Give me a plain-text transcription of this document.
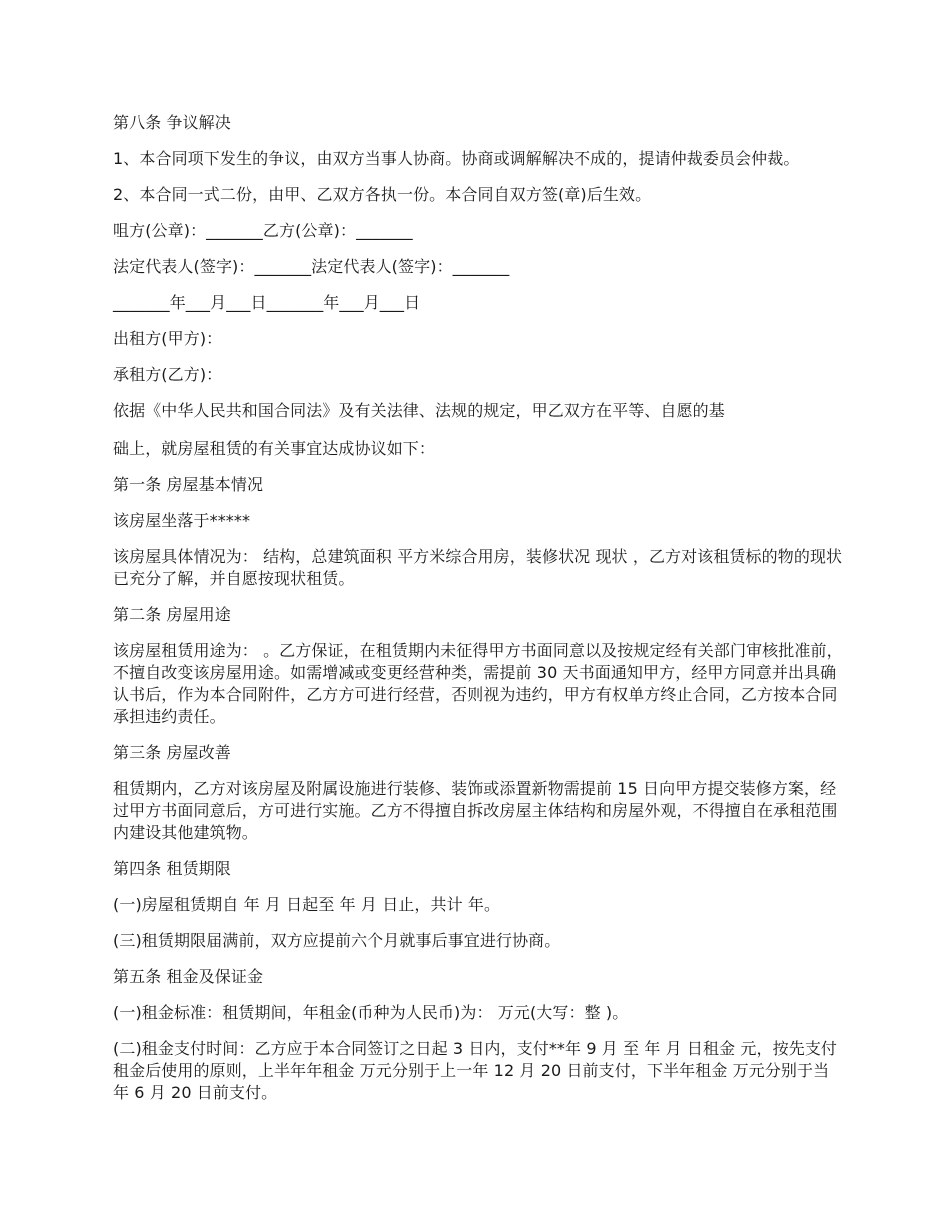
第八条 争议解决

1、本合同项下发生的争议，由双方当事人协商。协商或调解解决不成的，提请仲裁委员会仲裁。

2、本合同一式二份，由甲、乙双方各执一份。本合同自双方签(章)后生效。

咀方(公章)：_______乙方(公章)：_______

法定代表人(签字)：_______法定代表人(签字)：_______

_______年___月___日_______年___月___日

出租方(甲方)：

承租方(乙方)：

依据《中华人民共和国合同法》及有关法律、法规的规定，甲乙双方在平等、自愿的基

础上，就房屋租赁的有关事宜达成协议如下：

第一条 房屋基本情况

该房屋坐落于*****

该房屋具体情况为： 结构，总建筑面积 平方米综合用房，装修状况 现状 ，乙方对该租赁标的物的现状已充分了解，并自愿按现状租赁。

第二条 房屋用途

该房屋租赁用途为： 。乙方保证，在租赁期内未征得甲方书面同意以及按规定经有关部门审核批准前，不擅自改变该房屋用途。如需增减或变更经营种类，需提前 30 天书面通知甲方，经甲方同意并出具确认书后，作为本合同附件，乙方方可进行经营，否则视为违约，甲方有权单方终止合同，乙方按本合同承担违约责任。

第三条 房屋改善

租赁期内，乙方对该房屋及附属设施进行装修、装饰或添置新物需提前 15 日向甲方提交装修方案，经过甲方书面同意后，方可进行实施。乙方不得擅自拆改房屋主体结构和房屋外观，不得擅自在承租范围内建设其他建筑物。

第四条 租赁期限

(一)房屋租赁期自 年 月 日起至 年 月 日止，共计 年。

(三)租赁期限届满前，双方应提前六个月就事后事宜进行协商。

第五条 租金及保证金

(一)租金标准：租赁期间，年租金(币种为人民币)为： 万元(大写：整 )。

(二)租金支付时间：乙方应于本合同签订之日起 3 日内，支付**年 9 月 至 年 月 日租金 元，按先支付租金后使用的原则，上半年年租金 万元分别于上一年 12 月 20 日前支付，下半年租金 万元分别于当年 6 月 20 日前支付。
